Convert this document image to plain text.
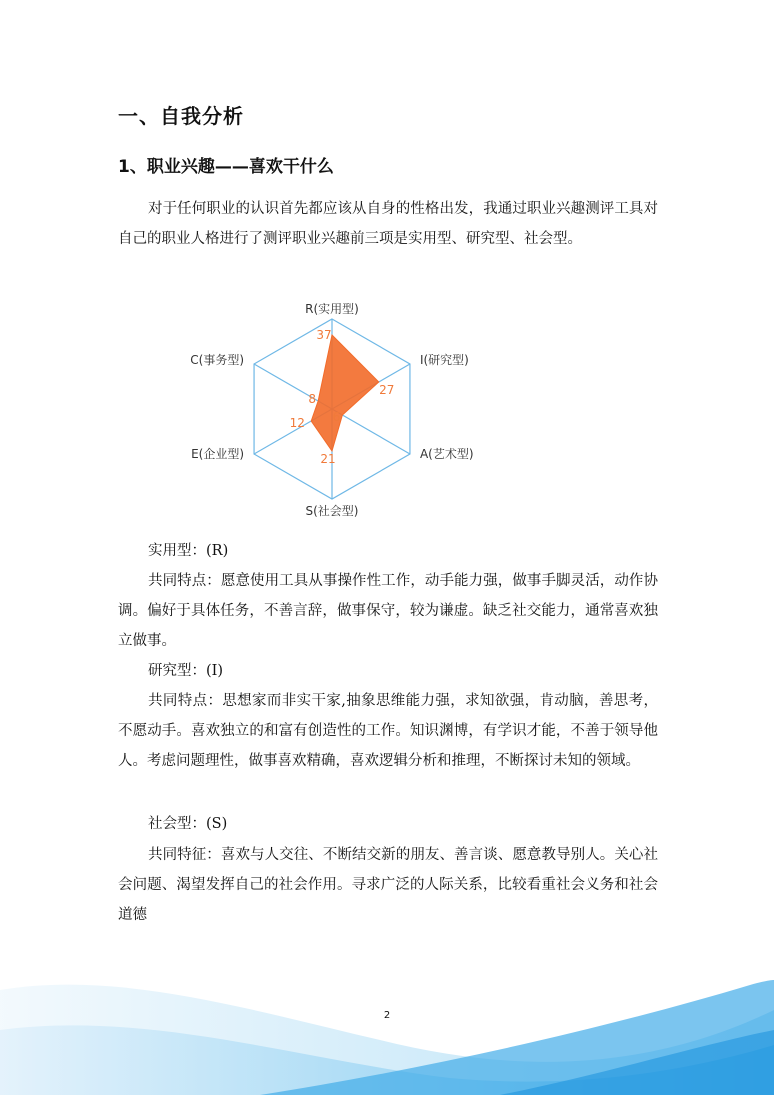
一、自我分析
1、职业兴趣——喜欢干什么

对于任何职业的认识首先都应该从自身的性格出发，我通过职业兴趣测评工具对自己的职业人格进行了测评职业兴趣前三项是实用型、研究型、社会型。

37
27
6
21
12
8
R(实用型)
I(研究型)
A(艺术型)
S(社会型)
E(企业型)
C(事务型)
实用型：(R)

共同特点：愿意使用工具从事操作性工作，动手能力强，做事手脚灵活，动作协调。偏好于具体任务，不善言辞，做事保守，较为谦虚。缺乏社交能力，通常喜欢独立做事。

研究型：(I)

共同特点：思想家而非实干家,抽象思维能力强，求知欲强，肯动脑，善思考，不愿动手。喜欢独立的和富有创造性的工作。知识渊博，有学识才能，不善于领导他人。考虑问题理性，做事喜欢精确，喜欢逻辑分析和推理，不断探讨未知的领域。

社会型：(S)

共同特征：喜欢与人交往、不断结交新的朋友、善言谈、愿意教导别人。关心社会问题、渴望发挥自己的社会作用。寻求广泛的人际关系，比较看重社会义务和社会道德

2
